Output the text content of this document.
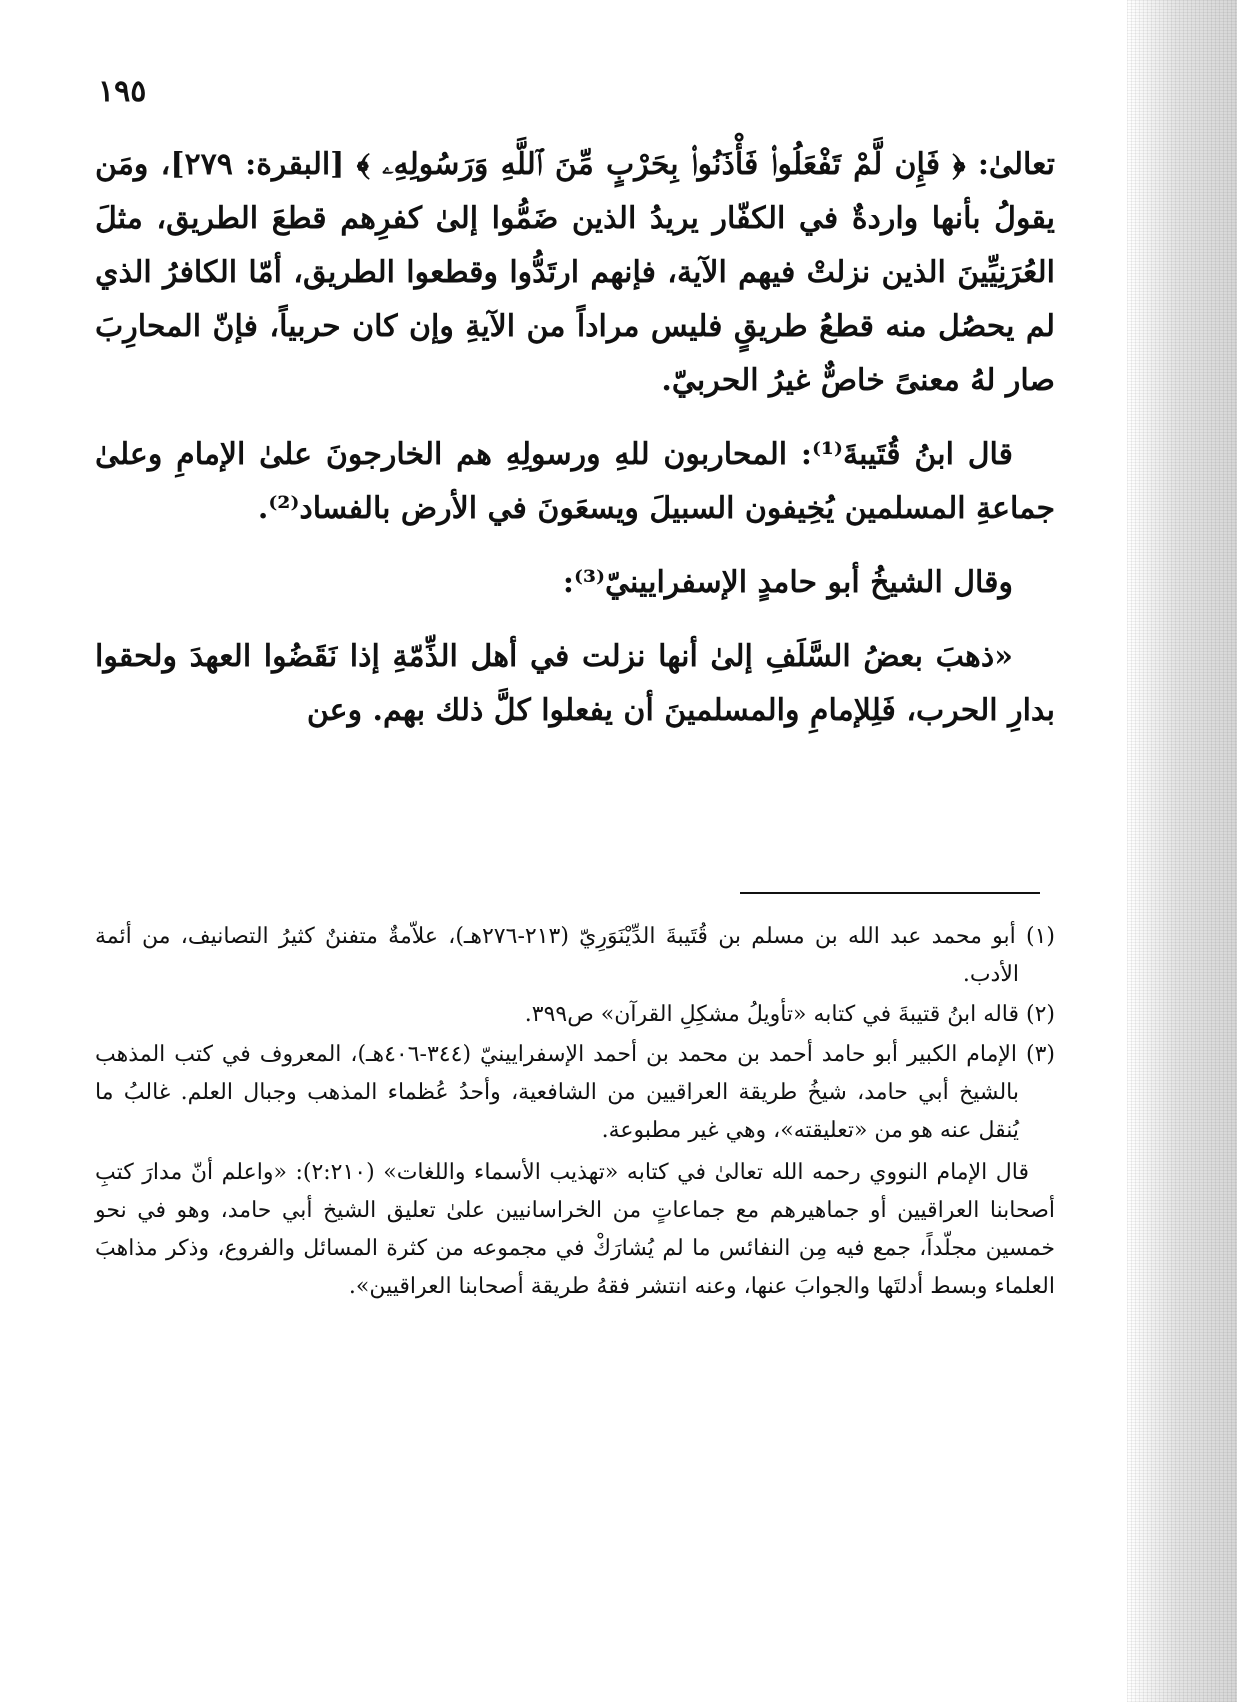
١٩٥

تعالىٰ: ﴿ فَإِن لَّمْ تَفْعَلُوا۟ فَأْذَنُوا۟ بِحَرْبٍ مِّنَ ٱللَّهِ وَرَسُولِهِۦ ﴾ [البقرة: ٢٧٩]، ومَن يقولُ بأنها واردةٌ في الكفّار يريدُ الذين ضَمُّوا إلىٰ كفرِهم قطعَ الطريق، مثلَ العُرَنِيِّينَ الذين نزلتْ فيهم الآية، فإنهم ارتَدُّوا وقطعوا الطريق، أمّا الكافرُ الذي لم يحصُل منه قطعُ طريقٍ فليس مراداً من الآيةِ وإن كان حربياً، فإنّ المحارِبَ صار لهُ معنىً خاصٌّ غيرُ الحربيّ.

قال ابنُ قُتَيبةَ⁽¹⁾: المحاربون للهِ ورسولِهِ هم الخارجونَ علىٰ الإمامِ وعلىٰ جماعةِ المسلمين يُخِيفون السبيلَ ويسعَونَ في الأرض بالفساد⁽²⁾.

وقال الشيخُ أبو حامدٍ الإسفرايينيّ⁽³⁾:

«ذهبَ بعضُ السَّلَفِ إلىٰ أنها نزلت في أهل الذِّمّةِ إذا نَقَضُوا العهدَ ولحقوا بدارِ الحرب، فَلِلإمامِ والمسلمينَ أن يفعلوا كلَّ ذلك بهم. وعن

(١) أبو محمد عبد الله بن مسلم بن قُتَيبةَ الدِّيْنَوَرِيّ (٢١٣-٢٧٦هـ)، علاّمةٌ متفننٌ كثيرُ التصانيف، من أئمة الأدب.

(٢) قاله ابنُ قتيبةَ في كتابه «تأويلُ مشكِلِ القرآن» ص٣٩٩.

(٣) الإمام الكبير أبو حامد أحمد بن محمد بن أحمد الإسفرايينيّ (٣٤٤-٤٠٦هـ)، المعروف في كتب المذهب بالشيخ أبي حامد، شيخُ طريقة العراقيين من الشافعية، وأحدُ عُظماء المذهب وجبال العلم. غالبُ ما يُنقل عنه هو من «تعليقته»، وهي غير مطبوعة.

قال الإمام النووي رحمه الله تعالىٰ في كتابه «تهذيب الأسماء واللغات» (٢:٢١٠): «واعلم أنّ مدارَ كتبِ أصحابنا العراقيين أو جماهيرهم مع جماعاتٍ من الخراسانيين علىٰ تعليق الشيخ أبي حامد، وهو في نحو خمسين مجلّداً، جمع فيه مِن النفائس ما لم يُشارَكْ في مجموعه من كثرة المسائل والفروع، وذكر مذاهبَ العلماء وبسط أدلتَها والجوابَ عنها، وعنه انتشر فقهُ طريقة أصحابنا العراقيين».
